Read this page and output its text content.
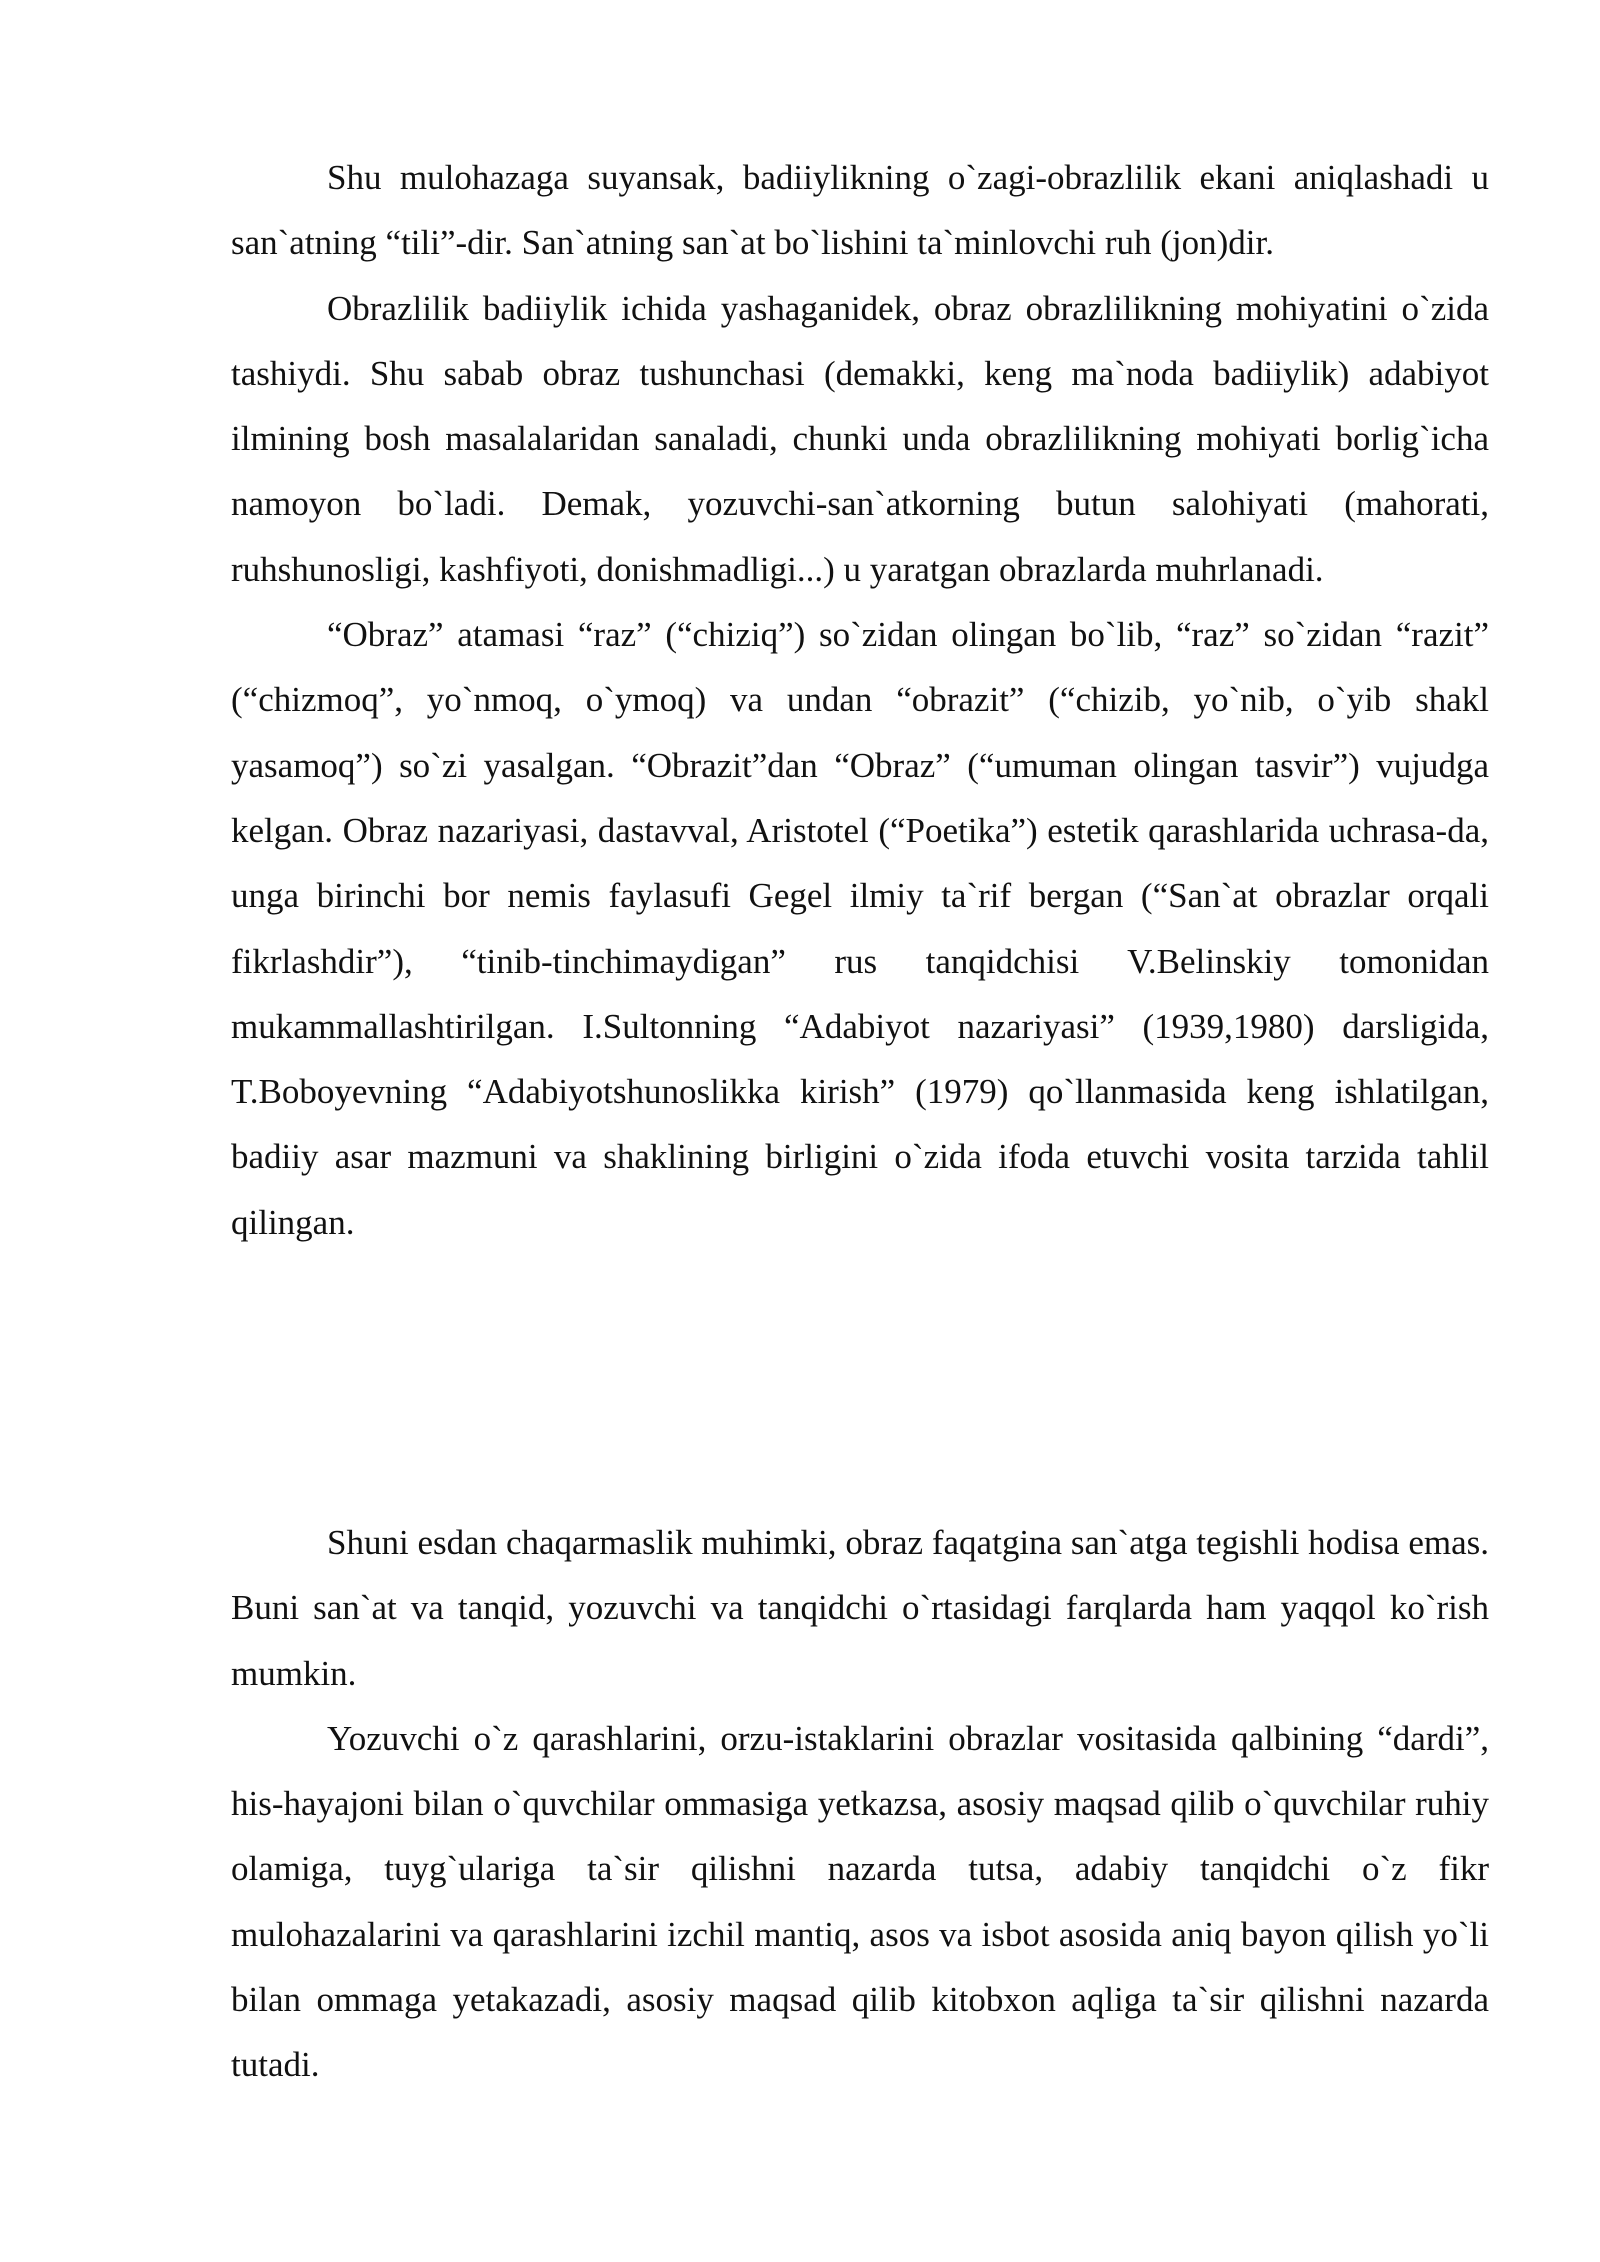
Shu mulohazaga suyansak, badiiylikning o`zagi-obrazlilik ekani aniqlashadi u san`atning “tili”-dir. San`atning san`at bo`lishini ta`minlovchi ruh (jon)dir.

Obrazlilik badiiylik ichida yashaganidek, obraz obrazlilikning mohiyatini o`zida tashiydi. Shu sabab obraz tushunchasi (demakki, keng ma`noda badiiylik) adabiyot ilmining bosh masalalaridan sanaladi, chunki unda obrazlilikning mohiyati borlig`icha namoyon bo`ladi. Demak, yozuvchi-san`atkorning butun salohiyati (mahorati, ruhshunosligi, kashfiyoti, donishmadligi...) u yaratgan obrazlarda muhrlanadi.

“Obraz” atamasi “raz” (“chiziq”) so`zidan olingan bo`lib, “raz” so`zidan “razit” (“chizmoq”, yo`nmoq, o`ymoq) va undan “obrazit” (“chizib, yo`nib, o`yib shakl yasamoq”) so`zi yasalgan. “Obrazit”dan “Obraz” (“umuman olingan tasvir”) vujudga kelgan. Obraz nazariyasi, dastavval, Aristotel (“Poetika”) estetik qarashlarida uchrasa-da, unga birinchi bor nemis faylasufi Gegel ilmiy ta`rif bergan (“San`at obrazlar orqali fikrlashdir”), “tinib-tinchimaydigan” rus tanqidchisi V.Belinskiy tomonidan mukammallashtirilgan. I.Sultonning “Adabiyot nazariyasi” (1939,1980) darsligida, T.Boboyevning “Adabiyotshunoslikka kirish” (1979) qo`llanmasida keng ishlatilgan, badiiy asar mazmuni va shaklining birligini o`zida ifoda etuvchi vosita tarzida tahlil qilingan.

Shuni esdan chaqarmaslik muhimki, obraz faqatgina san`atga tegishli hodisa emas. Buni san`at va tanqid, yozuvchi va tanqidchi o`rtasidagi farqlarda ham yaqqol ko`rish mumkin.

Yozuvchi o`z qarashlarini, orzu-istaklarini obrazlar vositasida qalbining “dardi”, his-hayajoni bilan o`quvchilar ommasiga yetkazsa, asosiy maqsad qilib o`quvchilar ruhiy olamiga, tuyg`ulariga ta`sir qilishni nazarda tutsa, adabiy tanqidchi o`z fikr mulohazalarini va qarashlarini izchil mantiq, asos va isbot asosida aniq bayon qilish yo`li bilan ommaga yetakazadi, asosiy maqsad qilib kitobxon aqliga ta`sir qilishni nazarda tutadi.
